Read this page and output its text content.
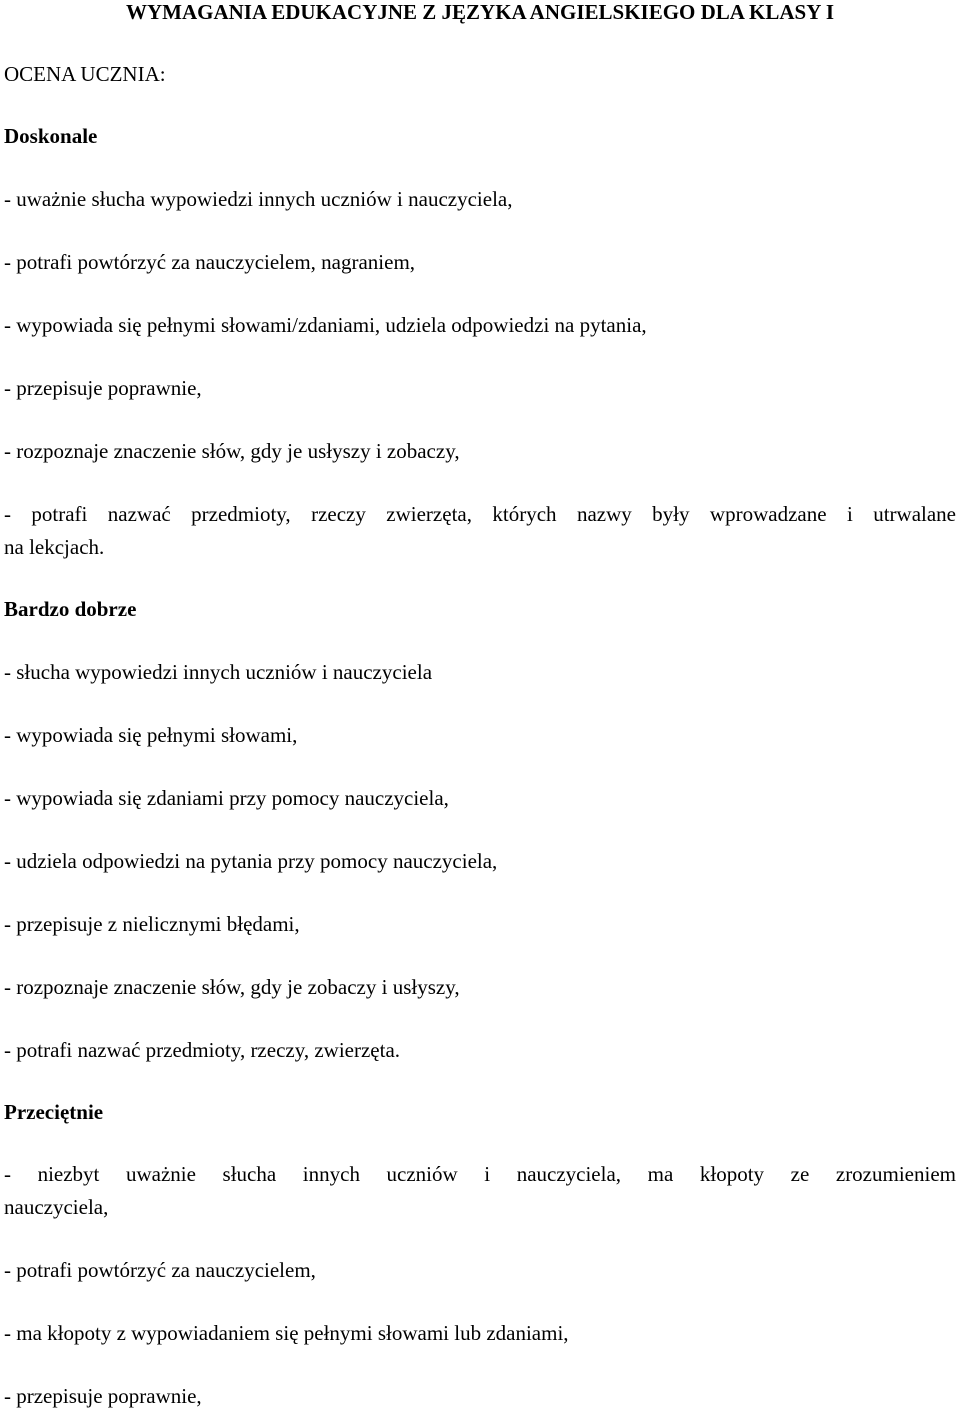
WYMAGANIA EDUKACYJNE Z JĘZYKA ANGIELSKIEGO DLA KLASY I
OCENA UCZNIA:
Doskonale
- uważnie słucha wypowiedzi innych uczniów i nauczyciela,
- potrafi powtórzyć za nauczycielem, nagraniem,
- wypowiada się pełnymi słowami/zdaniami, udziela odpowiedzi na pytania,
- przepisuje poprawnie,
- rozpoznaje znaczenie słów, gdy je usłyszy i zobaczy,
- potrafi nazwać przedmioty, rzeczy zwierzęta, których nazwy były wprowadzane i utrwalane
na lekcjach.
Bardzo dobrze
- słucha wypowiedzi innych uczniów i nauczyciela
- wypowiada się pełnymi słowami,
- wypowiada się zdaniami przy pomocy nauczyciela,
- udziela odpowiedzi na pytania przy pomocy nauczyciela,
- przepisuje z nielicznymi błędami,
- rozpoznaje znaczenie słów, gdy je zobaczy i usłyszy,
- potrafi nazwać przedmioty, rzeczy, zwierzęta.
Przeciętnie
- niezbyt uważnie słucha innych uczniów i nauczyciela, ma kłopoty ze zrozumieniem
nauczyciela,
- potrafi powtórzyć za nauczycielem,
- ma kłopoty z wypowiadaniem się pełnymi słowami lub zdaniami,
- przepisuje poprawnie,
